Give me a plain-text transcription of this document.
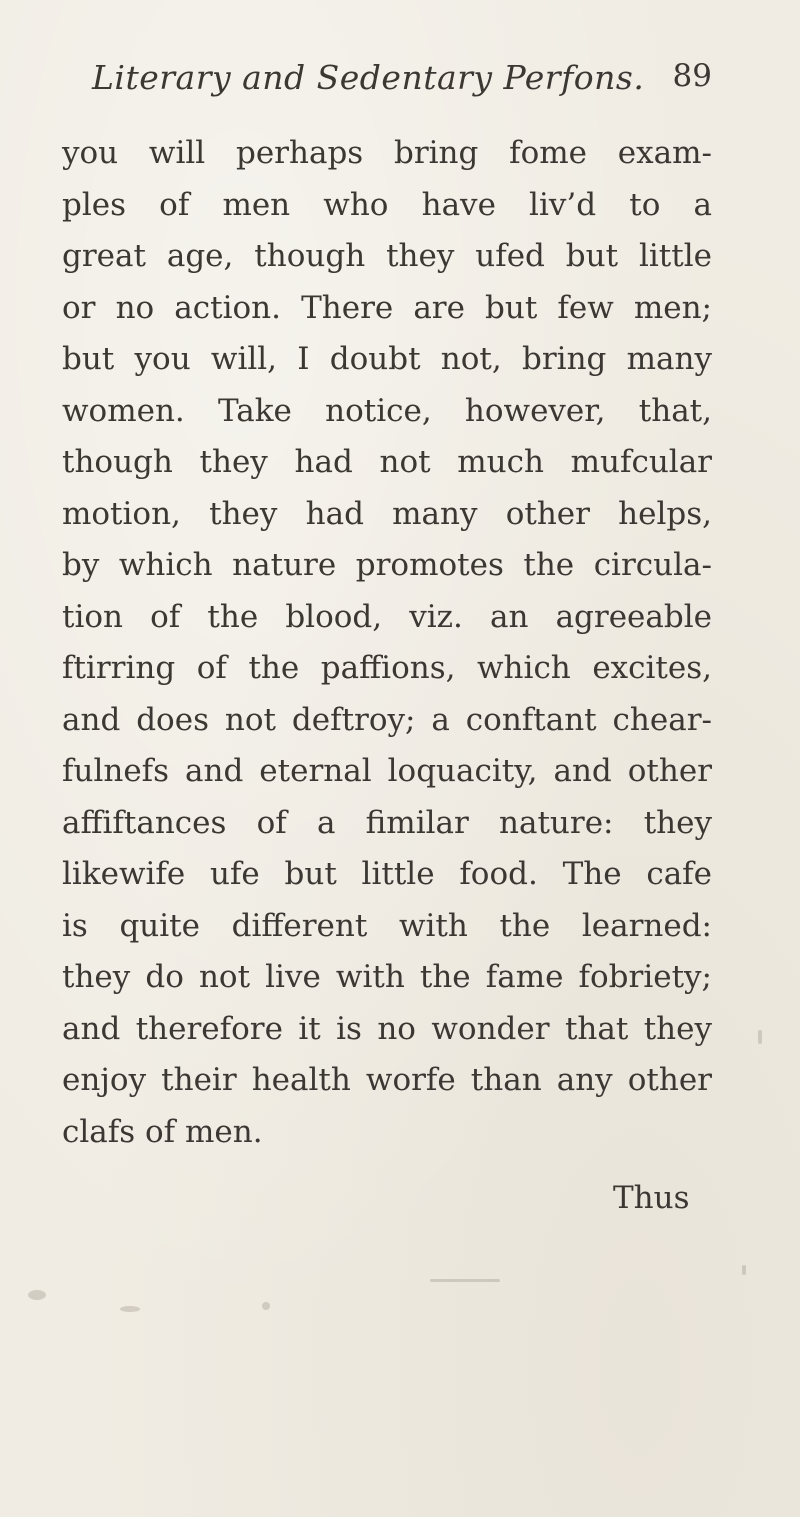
Literary and Sedentary Perfons. 89
you will perhaps bring fome exam-
ples of men who have liv’d to a
great age, though they ufed but little
or no action. There are but few men;
but you will, I doubt not, bring many
women. Take notice, however, that,
though they had not much mufcular
motion, they had many other helps,
by which nature promotes the circula-
tion of the blood, viz. an agreeable
ftirring of the paffions, which excites,
and does not deftroy; a conftant chear-
fulnefs and eternal loquacity, and other
affiftances of a fimilar nature: they
likewife ufe but little food. The cafe
is quite different with the learned:
they do not live with the fame fobriety;
and therefore it is no wonder that they
enjoy their health worfe than any other
clafs of men.
Thus
